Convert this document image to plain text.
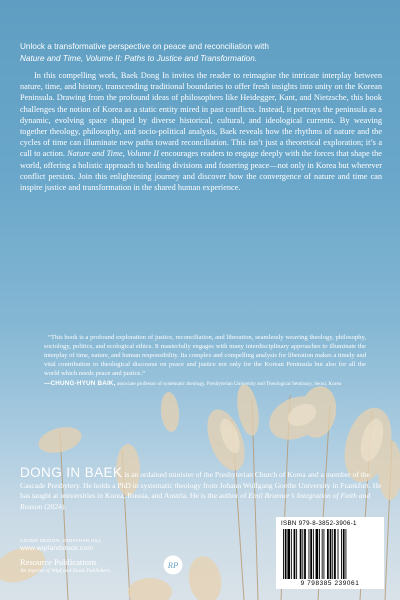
Unlock a transformative perspective on peace and reconciliation with
Nature and Time, Volume II: Paths to Justice and Transformation.

In this compelling work, Baek Dong In invites the reader to reimagine the intricate interplay between nature, time, and history, transcending traditional boundaries to offer fresh insights into unity on the Korean Peninsula. Drawing from the profound ideas of philosophers like Heidegger, Kant, and Nietzsche, this book challenges the notion of Korea as a static entity mired in past conflicts. Instead, it portrays the peninsula as a dynamic, evolving space shaped by diverse historical, cultural, and ideological currents. By weaving together theology, philosophy, and socio-political analysis, Baek reveals how the rhythms of nature and the cycles of time can illuminate new paths toward reconciliation. This isn’t just a theoretical exploration; it’s a call to action. Nature and Time, Volume II encourages readers to engage deeply with the forces that shape the world, offering a holistic approach to healing divisions and fostering peace—not only in Korea but wherever conflict persists. Join this enlightening journey and discover how the convergence of nature and time can inspire justice and transformation in the shared human experience.

“This book is a profound exploration of justice, reconciliation, and liberation, seamlessly weaving theology, philosophy, sociology, politics, and ecological ethics. It masterfully engages with many interdisciplinary approaches to illuminate the interplay of time, nature, and human responsibility. Its complex and compelling analysis for liberation makes a timely and vital contribution to theological discourse on peace and justice not only for the Korean Peninsula but also for all the world which needs peace and justice.”

—CHUNG-HYUN BAIK, associate professor of systematic theology, Presbyterian University and Theological Seminary, Seoul, Korea

DONG IN BAEK is an ordained minister of the Presbyterian Church of Korea and a member of the Cascade Presbytery. He holds a PhD in systematic theology from Johann Wolfgang Goethe University in Frankfurt. He has taught at universities in Korea, Russia, and Austria. He is the author of Emil Brunner’s Integration of Faith and Reason (2024).

COVER DESIGN: JONATHAN HILL

www.wipfandstock.com

Resource Publications

An imprint of Wipf and Stock Publishers

RP

ISBN 979-8-3852-3906-1

9 798385 239061
